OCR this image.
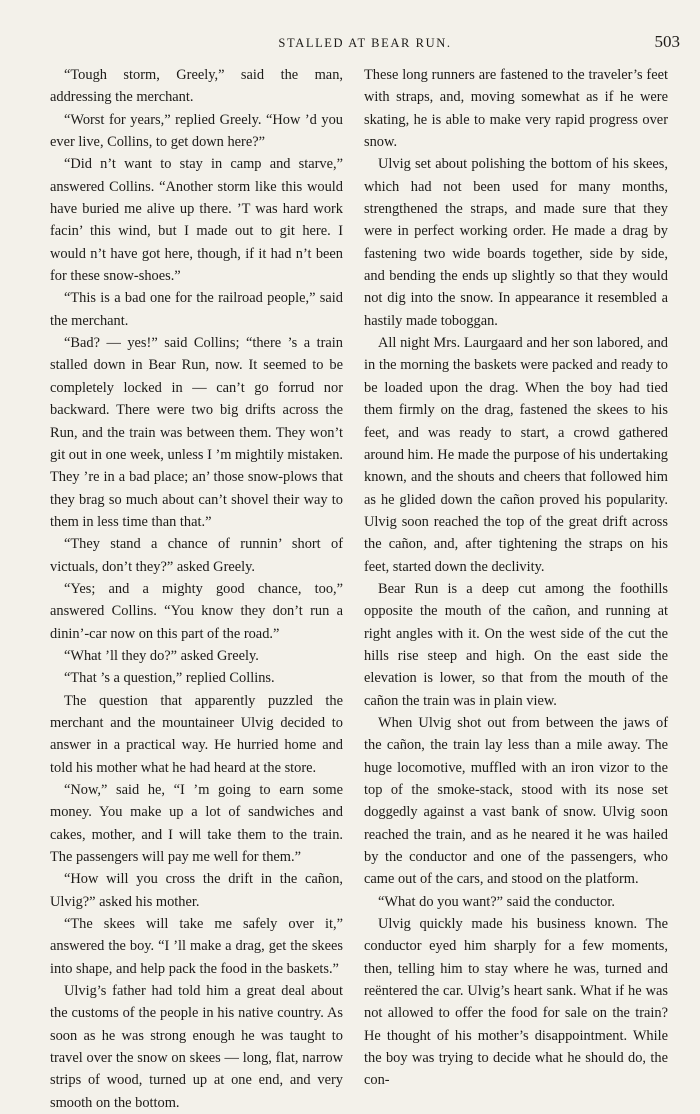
STALLED AT BEAR RUN.	503

“Tough storm, Greely,” said the man, addressing the merchant.

“Worst for years,” replied Greely. “How ’d you ever live, Collins, to get down here?”

“Did n’t want to stay in camp and starve,” answered Collins. “Another storm like this would have buried me alive up there. ’T was hard work facin’ this wind, but I made out to git here. I would n’t have got here, though, if it had n’t been for these snow-shoes.”

“This is a bad one for the railroad people,” said the merchant.

“Bad? — yes!” said Collins; “there ’s a train stalled down in Bear Run, now. It seemed to be completely locked in — can’t go forrud nor backward. There were two big drifts across the Run, and the train was between them. They won’t git out in one week, unless I ’m mightily mistaken. They ’re in a bad place; an’ those snow-plows that they brag so much about can’t shovel their way to them in less time than that.”

“They stand a chance of runnin’ short of victuals, don’t they?” asked Greely.

“Yes; and a mighty good chance, too,” answered Collins. “You know they don’t run a dinin’-car now on this part of the road.”

“What ’ll they do?” asked Greely.

“That ’s a question,” replied Collins.

The question that apparently puzzled the merchant and the mountaineer Ulvig decided to answer in a practical way. He hurried home and told his mother what he had heard at the store.

“Now,” said he, “I ’m going to earn some money. You make up a lot of sandwiches and cakes, mother, and I will take them to the train. The passengers will pay me well for them.”

“How will you cross the drift in the cañon, Ulvig?” asked his mother.

“The skees will take me safely over it,” answered the boy. “I ’ll make a drag, get the skees into shape, and help pack the food in the baskets.”

Ulvig’s father had told him a great deal about the customs of the people in his native country. As soon as he was strong enough he was taught to travel over the snow on skees — long, flat, narrow strips of wood, turned up at one end, and very smooth on the bottom.

These long runners are fastened to the traveler’s feet with straps, and, moving somewhat as if he were skating, he is able to make very rapid progress over snow.

Ulvig set about polishing the bottom of his skees, which had not been used for many months, strengthened the straps, and made sure that they were in perfect working order. He made a drag by fastening two wide boards together, side by side, and bending the ends up slightly so that they would not dig into the snow. In appearance it resembled a hastily made toboggan.

All night Mrs. Laurgaard and her son labored, and in the morning the baskets were packed and ready to be loaded upon the drag. When the boy had tied them firmly on the drag, fastened the skees to his feet, and was ready to start, a crowd gathered around him. He made the purpose of his undertaking known, and the shouts and cheers that followed him as he glided down the cañon proved his popularity. Ulvig soon reached the top of the great drift across the cañon, and, after tightening the straps on his feet, started down the declivity.

Bear Run is a deep cut among the foothills opposite the mouth of the cañon, and running at right angles with it. On the west side of the cut the hills rise steep and high. On the east side the elevation is lower, so that from the mouth of the cañon the train was in plain view.

When Ulvig shot out from between the jaws of the cañon, the train lay less than a mile away. The huge locomotive, muffled with an iron vizor to the top of the smoke-stack, stood with its nose set doggedly against a vast bank of snow. Ulvig soon reached the train, and as he neared it he was hailed by the conductor and one of the passengers, who came out of the cars, and stood on the platform.

“What do you want?” said the conductor.

Ulvig quickly made his business known. The conductor eyed him sharply for a few moments, then, telling him to stay where he was, turned and reëntered the car. Ulvig’s heart sank. What if he was not allowed to offer the food for sale on the train? He thought of his mother’s disappointment. While the boy was trying to decide what he should do, the con-
